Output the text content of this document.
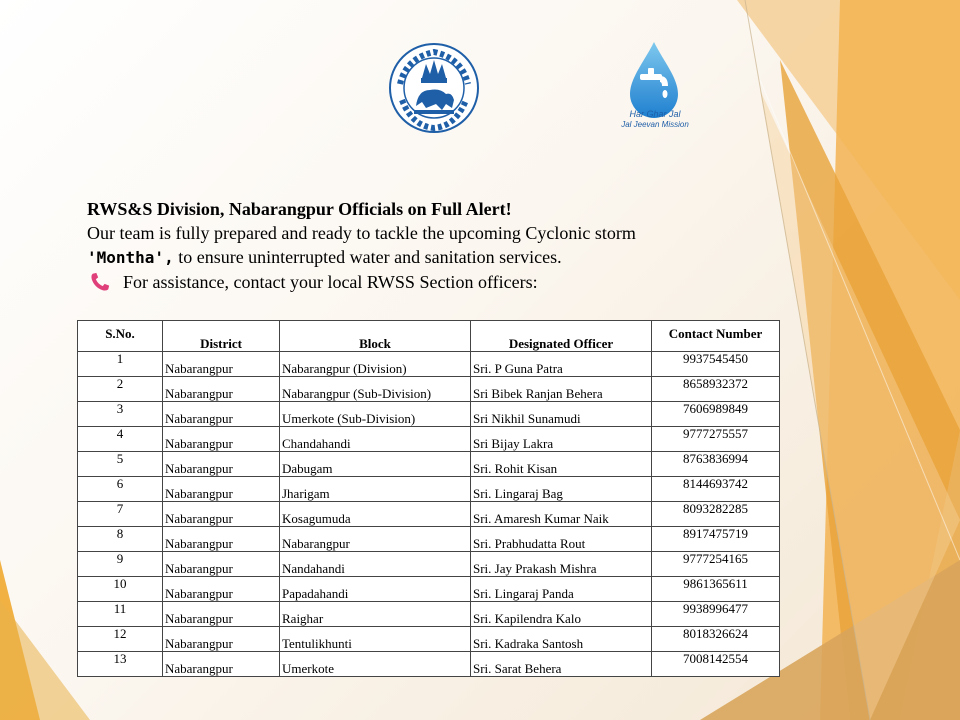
Har Ghar Jal
Jal Jeevan Mission
RWS&S Division, Nabarangpur Officials on Full Alert!
Our team is fully prepared and ready to tackle the upcoming Cyclonic storm
'Montha', to ensure uninterrupted water and sanitation services.
For assistance, contact your local RWSS Section officers:
S.No.	District	Block	Designated Officer	Contact Number
1	Nabarangpur	Nabarangpur (Division)	Sri. P Guna Patra	9937545450
2	Nabarangpur	Nabarangpur (Sub-Division)	Sri Bibek Ranjan Behera	8658932372
3	Nabarangpur	Umerkote (Sub-Division)	Sri Nikhil Sunamudi	7606989849
4	Nabarangpur	Chandahandi	Sri Bijay Lakra	9777275557
5	Nabarangpur	Dabugam	Sri. Rohit Kisan	8763836994
6	Nabarangpur	Jharigam	Sri. Lingaraj Bag	8144693742
7	Nabarangpur	Kosagumuda	Sri. Amaresh Kumar Naik	8093282285
8	Nabarangpur	Nabarangpur	Sri. Prabhudatta Rout	8917475719
9	Nabarangpur	Nandahandi	Sri. Jay Prakash Mishra	9777254165
10	Nabarangpur	Papadahandi	Sri. Lingaraj Panda	9861365611
11	Nabarangpur	Raighar	Sri. Kapilendra Kalo	9938996477
12	Nabarangpur	Tentulikhunti	Sri. Kadraka Santosh	8018326624
13	Nabarangpur	Umerkote	Sri. Sarat Behera	7008142554
